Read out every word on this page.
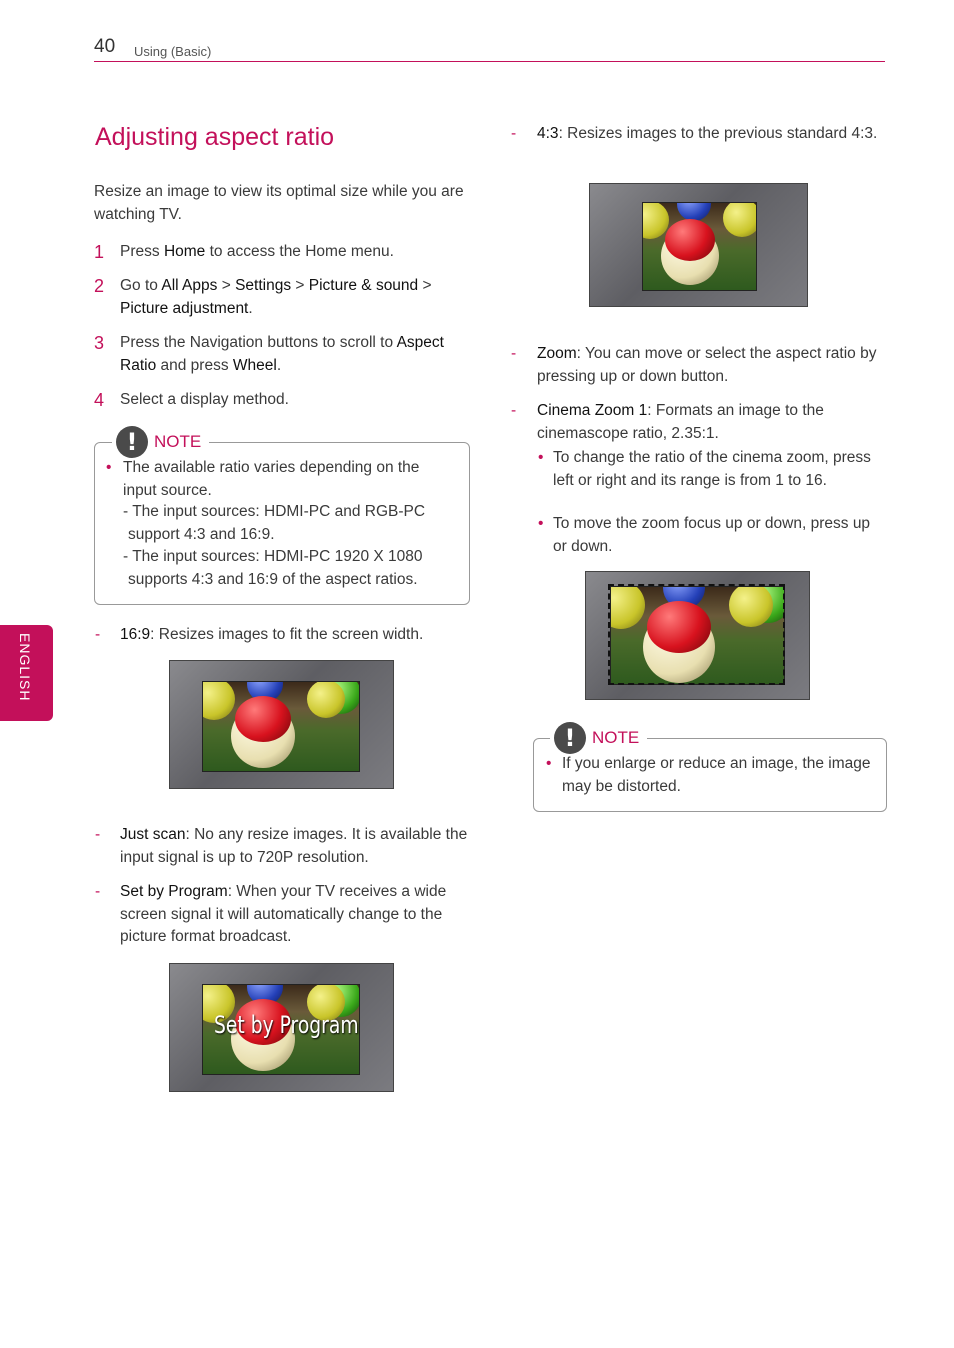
40 Using (Basic)
Adjusting aspect ratio
Resize an image to view its optimal size while you are watching TV.
1	Press Home to access the Home menu.
2	Go to All Apps > Settings > Picture & sound > Picture adjustment.
3	Press the Navigation buttons to scroll to Aspect Ratio and press Wheel.
4	Select a display method.
! NOTE
• The available ratio varies depending on the input source.
- The input sources: HDMI-PC and RGB-PC support 4:3 and 16:9.
- The input sources: HDMI-PC 1920 X 1080 supports 4:3 and 16:9 of the aspect ratios.
- 16:9: Resizes images to fit the screen width.
- Just scan: No any resize images. It is available the input signal is up to 720P resolution.
- Set by Program: When your TV receives a wide screen signal it will automatically change to the picture format broadcast.
Set by Program
- 4:3: Resizes images to the previous standard 4:3.
- Zoom: You can move or select the aspect ratio by pressing up or down button.
- Cinema Zoom 1: Formats an image to the cinemascope ratio, 2.35:1.
• To change the ratio of the cinema zoom, press left or right and its range is from 1 to 16.
• To move the zoom focus up or down, press up or down.
! NOTE
• If you enlarge or reduce an image, the image may be distorted.
ENGLISH
